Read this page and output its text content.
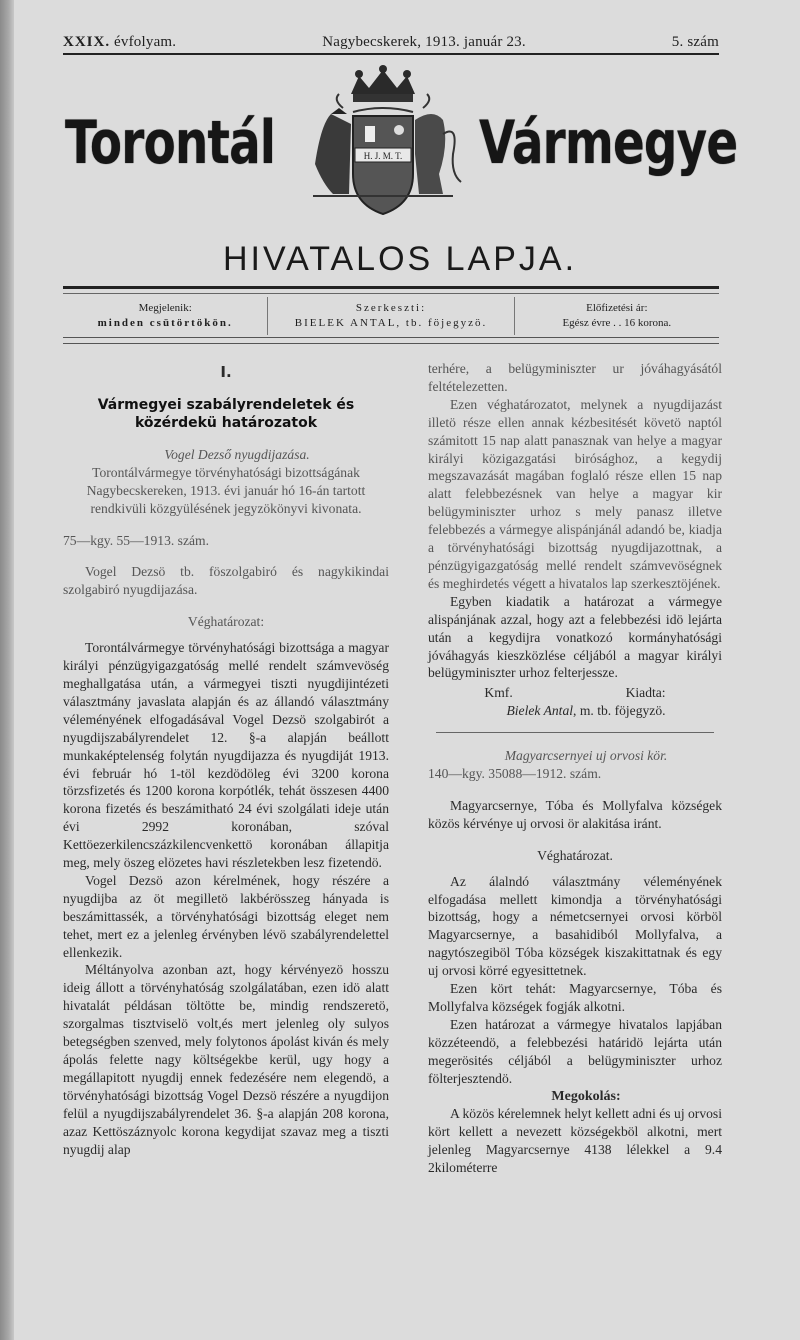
XXIX. évfolyam.	Nagybecskerek, 1913. január 23.	5. szám
Torontál	H. J. M. T. Vármegye
HIVATALOS LAPJA.
Megjelenik:
minden csütörtökön.
Szerkeszti:
BIELEK ANTAL, tb. föjegyzö.
Előfizetési ár:
Egész évre . . 16 korona.
I.
Vármegyei szabályrendeletek és közérdekü határozatok

Vogel Dezső nyugdijazása.

Torontálvármegye törvényhatósági bizottságának Nagybecskereken, 1913. évi január hó 16-án tartott rendkivüli közgyülésének jegyzökönyvi kivonata.

75—kgy. 55—1913. szám.

Vogel Dezsö tb. föszolgabiró és nagykikindai szolgabiró nyugdijazása.

Véghatározat:

Torontálvármegye törvényhatósági bizottsága a magyar királyi pénzügyigazgatóság mellé rendelt számvevöség meghallgatása után, a vármegyei tiszti nyugdijintézeti választmány javaslata alapján és az állandó választmány véleményének elfogadásával Vogel Dezsö szolgabirót a nyugdijszabályrendelet 12. §-a alapján beállott munkaképtelenség folytán nyugdijazza és nyugdiját 1913. évi február hó 1-töl kezdödöleg évi 3200 korona törzsfizetés és 1200 korona korpótlék, tehát összesen 4400 korona fizetés és beszámitható 24 évi szolgálati ideje után évi 2992 koronában, szóval Kettöezerkilencszázkilencvenkettö koronában állapitja meg, mely öszeg elözetes havi részletekben lesz fizetendö.

Vogel Dezsö azon kérelmének, hogy részére a nyugdijba az öt megilletö lakbérösszeg hányada is beszámittassék, a törvényhatósági bizottság eleget nem tehet, mert ez a jelenleg érvényben lévö szabályrendelettel ellenkezik.

Méltányolva azonban azt, hogy kérvényezö hosszu ideig állott a törvényhatóság szolgálatában, ezen idö alatt hivatalát példásan töltötte be, mindig rendszeretö, szorgalmas tisztviselö volt,és mert jelenleg oly sulyos betegségben szenved, mely folytonos ápolást kiván és mely ápolás felette nagy költségekbe kerül, ugy hogy a megállapitott nyugdij ennek fedezésére nem elegendö, a törvényhatósági bizottság Vogel Dezsö részére a nyugdijon felül a nyugdijszabályrendelet 36. §-a alapján 208 korona, azaz Kettöszáznyolc korona kegydijat szavaz meg a tiszti nyugdij alap

terhére, a belügyminiszter ur jóváhagyásától feltételezetten.

Ezen véghatározatot, melynek a nyugdijazást illetö része ellen annak kézbesitését követö naptól számitott 15 nap alatt panasznak van helye a magyar királyi közigazgatási birósághoz, a kegydij megszavazását magában foglaló része ellen 15 nap alatt felebbezésnek van helye a magyar kir belügyminiszter urhoz s mely panasz illetve felebbezés a vármegye alispánjánál adandó be, kiadja a törvényhatósági bizottság nyugdijazottnak, a pénzügyigazgatóság mellé rendelt számvevöségnek és meghirdetés végett a hivatalos lap szerkesztöjének.

Egyben kiadatik a határozat a vármegye alispánjának azzal, hogy azt a felebbezési idö lejárta után a kegydijra vonatkozó kormányhatósági jóváhagyás kieszközlése céljából a magyar királyi belügyminiszter urhoz felterjessze.

Kmf.	Kiadta:

Bielek Antal, m. tb. föjegyzö.

Magyarcsernyei uj orvosi kör.

140—kgy. 35088—1912. szám.

Magyarcsernye, Tóba és Mollyfalva községek közös kérvénye uj orvosi ör alakitása iránt.

Véghatározat.

Az álalndó választmány véleményének elfogadása mellett kimondja a törvényhatósági bizottság, hogy a németcsernyei orvosi körböl Magyarcsernye, a basahidiból Mollyfalva, a nagytószegiböl Tóba községek kiszakittatnak és egy uj orvosi körré egyesittetnek.

Ezen kört tehát: Magyarcsernye, Tóba és Mollyfalva községek fogják alkotni.

Ezen határozat a vármegye hivatalos lapjában közzéteendö, a felebbezési határidö lejárta után megerösités céljából a belügyminiszter urhoz fölterjesztendö.

Megokolás:

A közös kérelemnek helyt kellett adni és uj orvosi kört kellett a nevezett községekböl alkotni, mert jelenleg Magyarcsernye 4138 lélekkel a 9.4 2kilométerre
